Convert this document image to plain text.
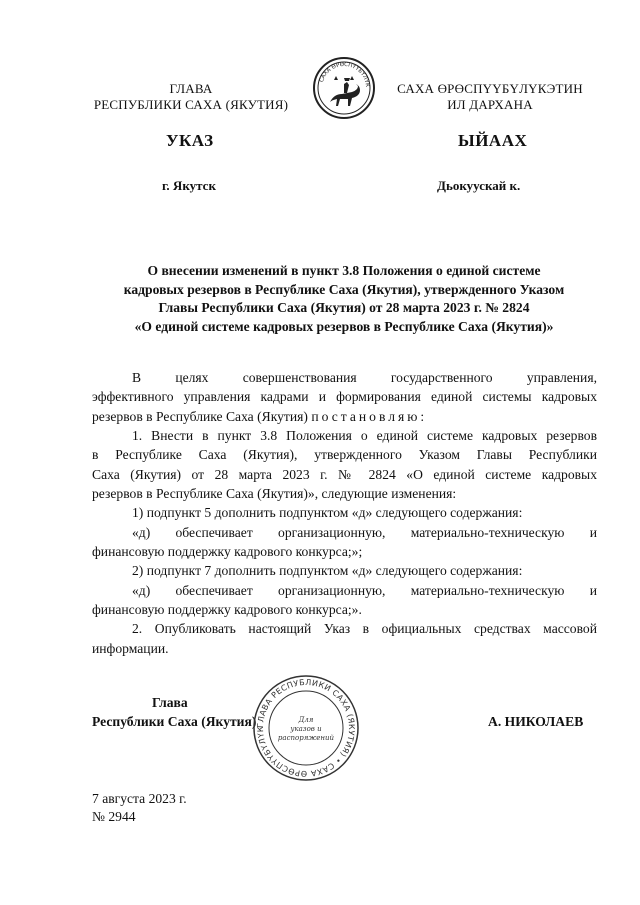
ГЛАВА
РЕСПУБЛИКИ САХА (ЯКУТИЯ)
САХА ӨРӨСПҮҮБҮЛҮК	САХА ӨРӨСПҮҮБҮЛҮКЭТИН
ИЛ ДАРХАНА
УКАЗ	ЫЙААХ
г. Якутск	Дьокуускай к.
О внесении изменений в пункт 3.8 Положения о единой системе
кадровых резервов в Республике Саха (Якутия), утвержденного Указом
Главы Республики Саха (Якутия) от 28 марта 2023 г. № 2824
«О единой системе кадровых резервов в Республике Саха (Якутия)»

В целях совершенствования государственного управления,

эффективного управления кадрами и формирования единой системы кадровых

резервов в Республике Саха (Якутия) постановляю:

1. Внести в пункт 3.8 Положения о единой системе кадровых резервов

в Республике Саха (Якутия), утвержденного Указом Главы Республики

Саха (Якутия) от 28 марта 2023 г. № 2824 «О единой системе кадровых

резервов в Республике Саха (Якутия)», следующие изменения:

1) подпункт 5 дополнить подпунктом «д» следующего содержания:

«д) обеспечивает организационную, материально-техническую и

финансовую поддержку кадрового конкурса;»;

2) подпункт 7 дополнить подпунктом «д» следующего содержания:

«д) обеспечивает организационную, материально-техническую и

финансовую поддержку кадрового конкурса;».

2. Опубликовать настоящий Указ в официальных средствах массовой

информации.

Глава
Республики Саха (Якутия) ГЛАВА РЕСПУБЛИКИ САХА (ЯКУТИЯ) • САХА ӨРӨСПҮҮБҮЛҮК
Для
указов и
распоряжений
А. НИКОЛАЕВ
7 августа 2023 г.
№ 2944
